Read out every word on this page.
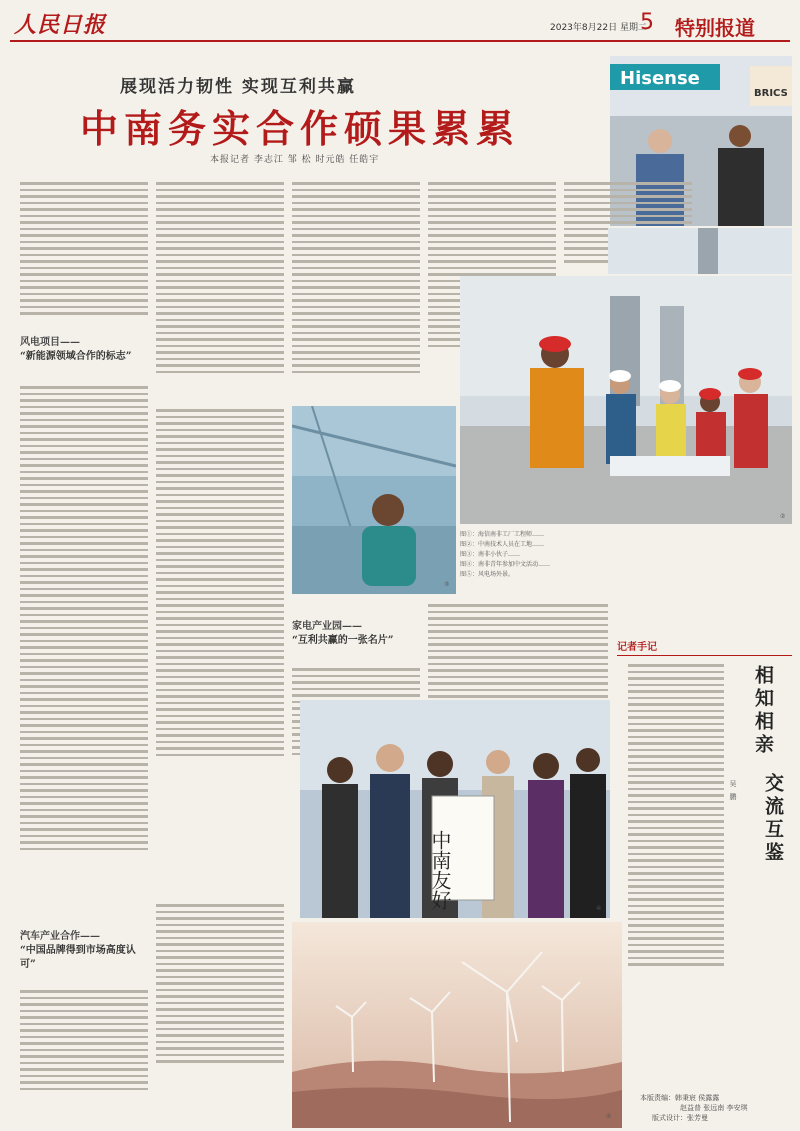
人民日报	2023年8月22日 星期二
5 特别报道
展现活力韧性 实现互利共赢
中南务实合作硕果累累
本报记者 李志江 邹 松 时元皓 任皓宇
Hisense
BRICS
风电项目——
“新能源领域合作的标志”
汽车产业合作——
“中国品牌得到市场高度认可”
③
②
图①：海信南非工厂工程师……
图②：中南技术人员在工地……
图③：南非小伙子……
图④：南非青年参加中文活动……
图⑤：风电场外景。
家电产业园——
“互利共赢的一张名片”
中南友好	④
⑤
记者手记
相知相亲
交流互鉴
吴鹏
本版责编：韩秉宸 侯露露
赵益普 张远南 李安琪
版式设计：张芳曼
